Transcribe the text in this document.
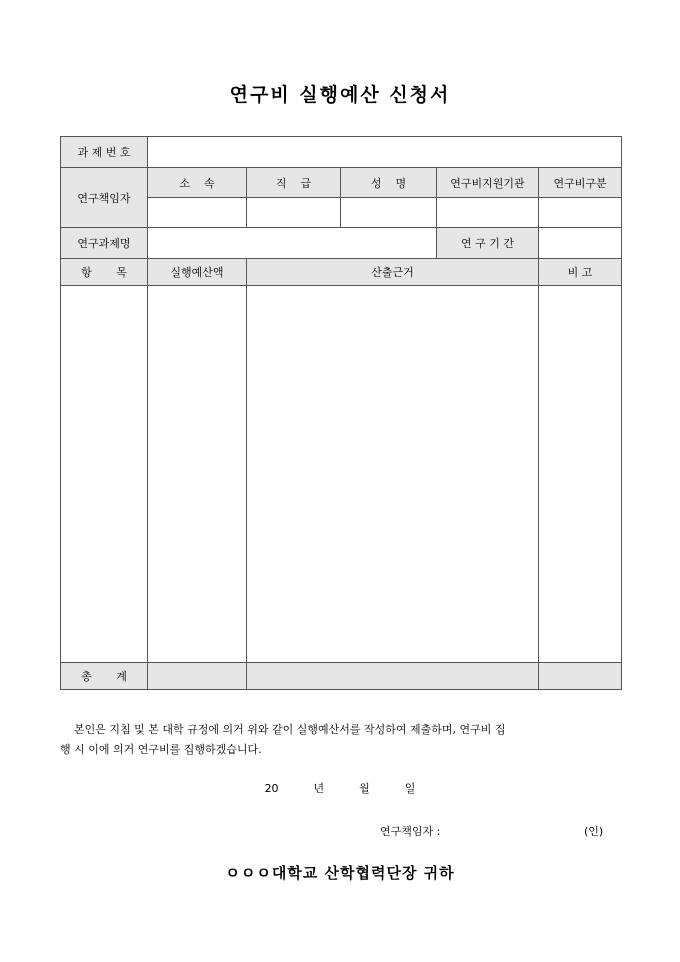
연구비 실행예산 신청서
과 제 번 호					
연구책임자	소    속	직    급	성    명	연구비지원기관	연구비구분

연구과제명				연 구 기 간	
항       목	실행예산액	산출근거			비 고

총       계					
본인은 지침 및 본 대학 규정에 의거 위와 같이 실행예산서를 작성하여 제출하며, 연구비 집
행 시 이에 의거 연구비를 집행하겠습니다.
20  년  월  일
연구책임자 :	(인)
ㅇㅇㅇ대학교 산학협력단장 귀하
